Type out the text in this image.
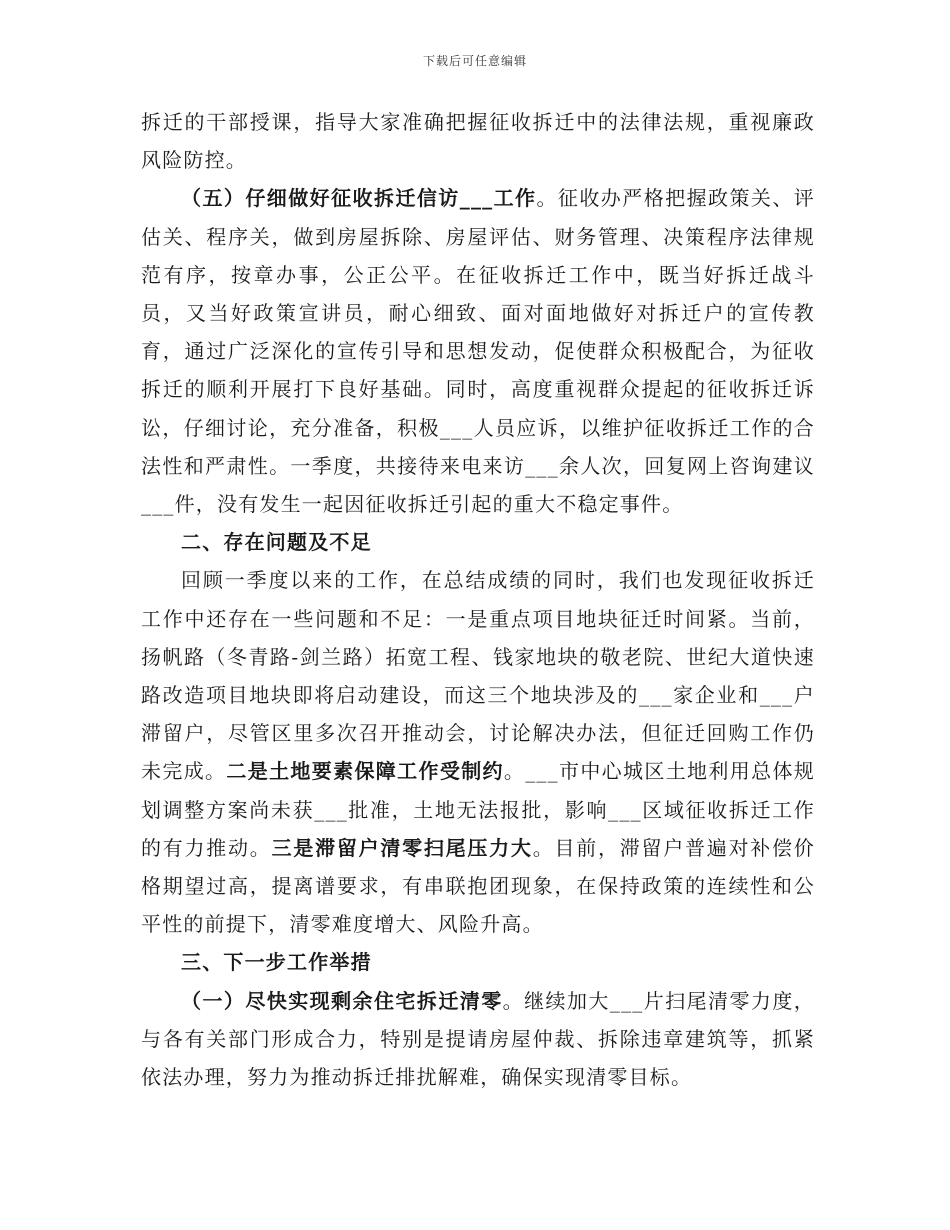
下载后可任意编辑

拆迁的干部授课，指导大家准确把握征收拆迁中的法律法规，重视廉政风险防控。

（五）仔细做好征收拆迁信访___工作。征收办严格把握政策关、评估关、程序关，做到房屋拆除、房屋评估、财务管理、决策程序法律规范有序，按章办事，公正公平。在征收拆迁工作中，既当好拆迁战斗员，又当好政策宣讲员，耐心细致、面对面地做好对拆迁户的宣传教育，通过广泛深化的宣传引导和思想发动，促使群众积极配合，为征收拆迁的顺利开展打下良好基础。同时，高度重视群众提起的征收拆迁诉讼，仔细讨论，充分准备，积极___人员应诉，以维护征收拆迁工作的合法性和严肃性。一季度，共接待来电来访___余人次，回复网上咨询建议___件，没有发生一起因征收拆迁引起的重大不稳定事件。

二、存在问题及不足

回顾一季度以来的工作，在总结成绩的同时，我们也发现征收拆迁工作中还存在一些问题和不足：一是重点项目地块征迁时间紧。当前，扬帆路（冬青路-剑兰路）拓宽工程、钱家地块的敬老院、世纪大道快速路改造项目地块即将启动建设，而这三个地块涉及的___家企业和___户滞留户，尽管区里多次召开推动会，讨论解决办法，但征迁回购工作仍未完成。二是土地要素保障工作受制约。___市中心城区土地利用总体规划调整方案尚未获___批准，土地无法报批，影响___区域征收拆迁工作的有力推动。三是滞留户清零扫尾压力大。目前，滞留户普遍对补偿价格期望过高，提离谱要求，有串联抱团现象，在保持政策的连续性和公平性的前提下，清零难度增大、风险升高。

三、下一步工作举措

（一）尽快实现剩余住宅拆迁清零。继续加大___片扫尾清零力度，与各有关部门形成合力，特别是提请房屋仲裁、拆除违章建筑等，抓紧依法办理，努力为推动拆迁排扰解难，确保实现清零目标。
